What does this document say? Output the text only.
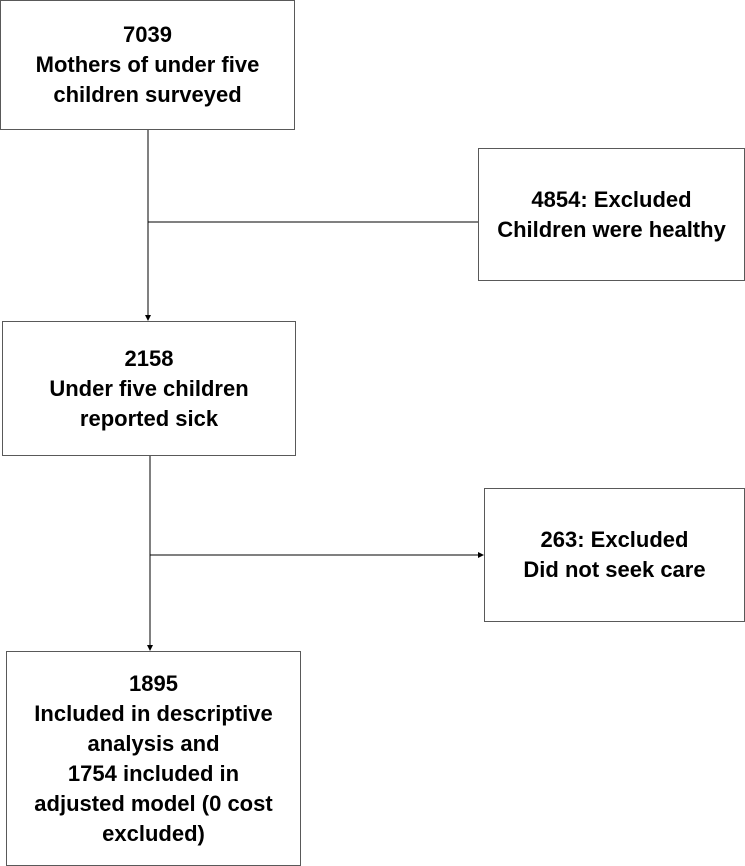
7039
Mothers of under five
children surveyed
4854: Excluded
Children were healthy
2158
Under five children
reported sick
263: Excluded
Did not seek care
1895
Included in descriptive
analysis and
1754 included in
adjusted model (0 cost
excluded)
